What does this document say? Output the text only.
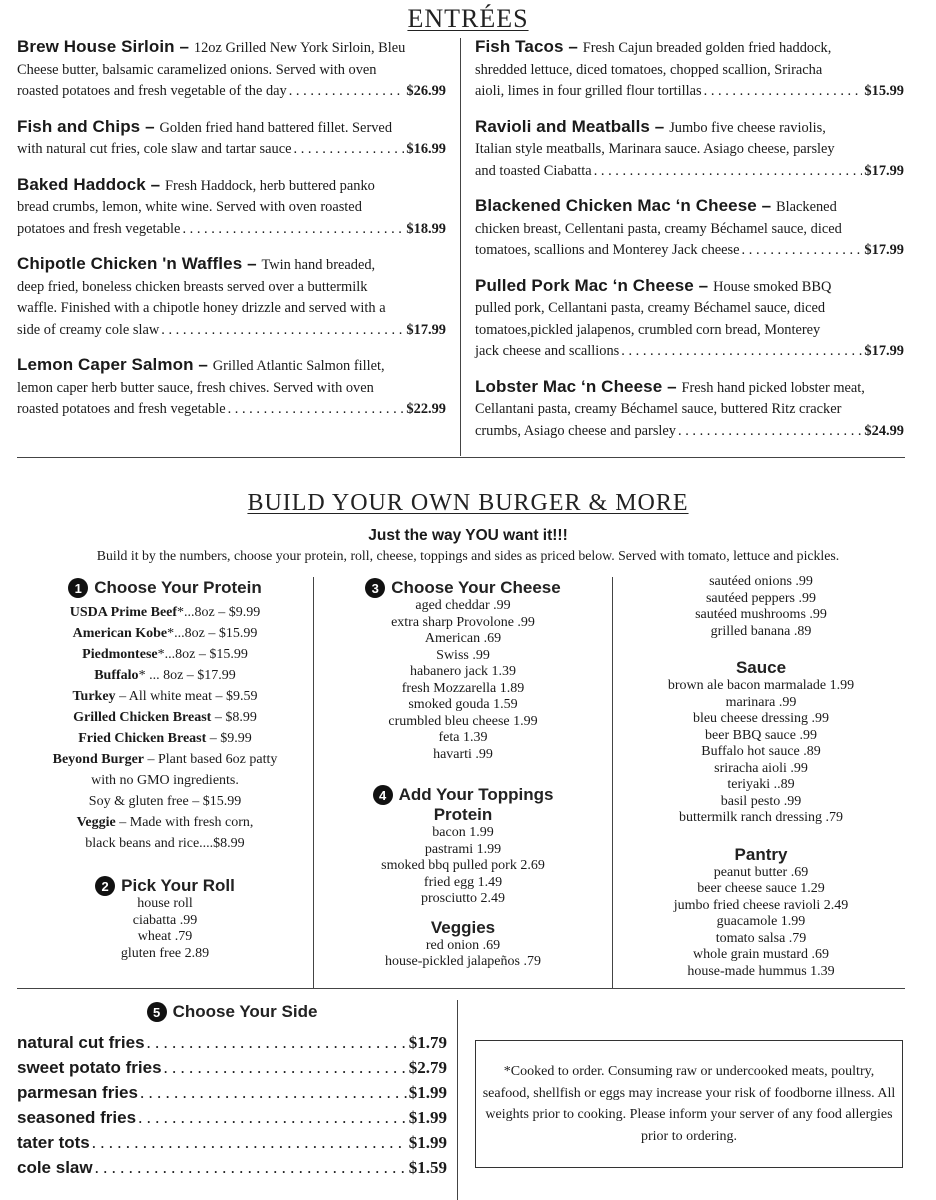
ENTRÉES
Brew House Sirloin – 12oz Grilled New York Sirloin, Bleu
Cheese butter, balsamic caramelized onions. Served with oven
roasted potatoes and fresh vegetable of the day . . .	$26.99
Fish and Chips – Golden fried hand battered fillet. Served
with natural cut fries, cole slaw and tartar sauce . . .	$16.99
Baked Haddock – Fresh Haddock, herb buttered panko
bread crumbs, lemon, white wine. Served with oven roasted
potatoes and fresh vegetable . . .	$18.99
Chipotle Chicken 'n Waffles – Twin hand breaded,
deep fried, boneless chicken breasts served over a buttermilk
waffle. Finished with a chipotle honey drizzle and served with a
side of creamy cole slaw . . .	$17.99
Lemon Caper Salmon – Grilled Atlantic Salmon fillet,
lemon caper herb butter sauce, fresh chives. Served with oven
roasted potatoes and fresh vegetable . . .	$22.99
Fish Tacos – Fresh Cajun breaded golden fried haddock,
shredded lettuce, diced tomatoes, chopped scallion, Sriracha
aioli, limes in four grilled flour tortillas . . .	$15.99
Ravioli and Meatballs – Jumbo five cheese raviolis,
Italian style meatballs, Marinara sauce. Asiago cheese, parsley
and toasted Ciabatta . . .	$17.99
Blackened Chicken Mac ‘n Cheese – Blackened
chicken breast, Cellentani pasta, creamy Béchamel sauce, diced
tomatoes, scallions and Monterey Jack cheese . . .	$17.99
Pulled Pork Mac ‘n Cheese – House smoked BBQ
pulled pork, Cellantani pasta, creamy Béchamel sauce, diced
tomatoes,pickled jalapenos, crumbled corn bread, Monterey
jack cheese and scallions . . .	$17.99
Lobster Mac ‘n Cheese – Fresh hand picked lobster meat,
Cellantani pasta, creamy Béchamel sauce, buttered Ritz cracker
crumbs, Asiago cheese and parsley . . .	$24.99
BUILD YOUR OWN BURGER & MORE
Just the way YOU want it!!!
Build it by the numbers, choose your protein, roll, cheese, toppings and sides as priced below. Served with tomato, lettuce and pickles.
1 Choose Your Protein
USDA Prime Beef*...8oz – $9.99
American Kobe*...8oz – $15.99
Piedmontese*...8oz – $15.99
Buffalo* ... 8oz – $17.99
Turkey – All white meat – $9.59
Grilled Chicken Breast – $8.99
Fried Chicken Breast – $9.99
Beyond Burger – Plant based 6oz patty
with no GMO ingredients.
Soy & gluten free – $15.99
Veggie – Made with fresh corn,
black beans and rice....$8.99
2 Pick Your Roll
house roll
ciabatta .99
wheat .79
gluten free 2.89
3 Choose Your Cheese
aged cheddar .99
extra sharp Provolone .99
American .69
Swiss .99
habanero jack 1.39
fresh Mozzarella 1.89
smoked gouda 1.59
crumbled bleu cheese 1.99
feta 1.39
havarti .99
4 Add Your Toppings
Protein
bacon 1.99
pastrami 1.99
smoked bbq pulled pork 2.69
fried egg 1.49
prosciutto 2.49
Veggies
red onion .69
house-pickled jalapeños .79
sautéed onions .99
sautéed peppers .99
sautéed mushrooms .99
grilled banana .89
Sauce
brown ale bacon marmalade 1.99
marinara .99
bleu cheese dressing .99
beer BBQ sauce .99
Buffalo hot sauce .89
sriracha aioli .99
teriyaki ..89
basil pesto .99
buttermilk ranch dressing .79
Pantry
peanut butter .69
beer cheese sauce 1.29
jumbo fried cheese ravioli 2.49
guacamole 1.99
tomato salsa .79
whole grain mustard .69
house-made hummus 1.39
5 Choose Your Side
natural cut fries . . .	$1.79
sweet potato fries . . .	$2.79
parmesan fries . . .	$1.99
seasoned fries . . .	$1.99
tater tots . . .	$1.99
cole slaw . . .	$1.59
*Cooked to order. Consuming raw or undercooked meats, poultry, seafood, shellfish or eggs may increase your risk of foodborne illness. All weights prior to cooking. Please inform your server of any food allergies prior to ordering.
